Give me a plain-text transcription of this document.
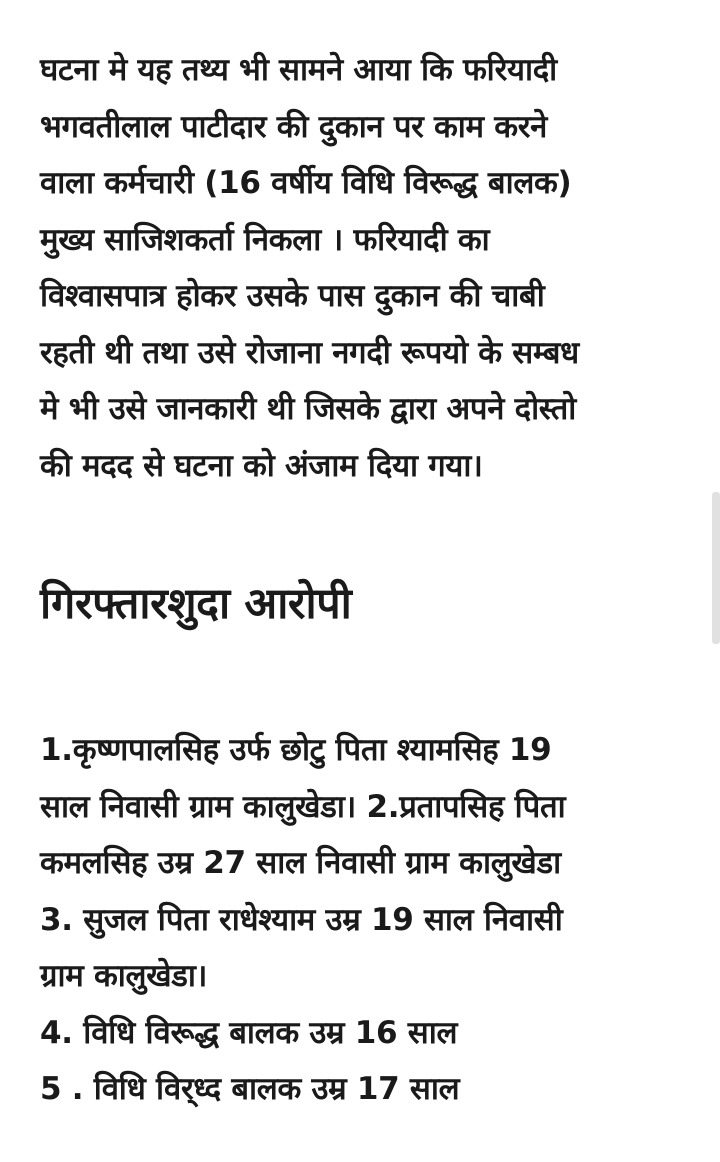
घटना मे यह तथ्य भी सामने आया कि फरियादी
भगवतीलाल पाटीदार की दुकान पर काम करने
वाला कर्मचारी (16 वर्षीय विधि विरूद्ध बालक)
मुख्य साजिशकर्ता निकला । फरियादी का
विश्वासपात्र होकर उसके पास दुकान की चाबी
रहती थी तथा उसे रोजाना नगदी रूपयो के सम्बध
मे भी उसे जानकारी थी जिसके द्वारा अपने दोस्तो
की मदद से घटना को अंजाम दिया गया।

गिरफ्तारशुदा आरोपी

1.कृष्णपालसिह उर्फ छोटु पिता श्यामसिह 19
साल निवासी ग्राम कालुखेडा। 2.प्रतापसिह पिता
कमलसिह उम्र 27 साल निवासी ग्राम कालुखेडा
3. सुजल पिता राधेश्याम उम्र 19 साल निवासी
ग्राम कालुखेडा।
4. विधि विरूद्ध बालक उम्र 16 साल
5 . विधि विर्‌ध्द बालक उम्र 17 साल
